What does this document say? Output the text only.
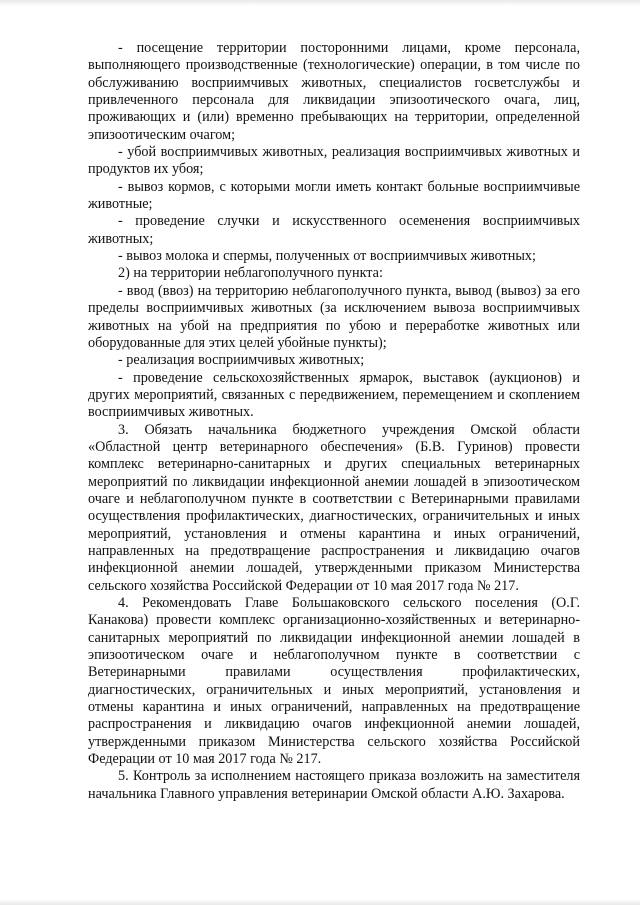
- посещение территории посторонними лицами, кроме персонала, выполняющего производственные (технологические) операции, в том числе по обслуживанию восприимчивых животных, специалистов госветслужбы и привлеченного персонала для ликвидации эпизоотического очага, лиц, проживающих и (или) временно пребывающих на территории, определенной эпизоотическим очагом;

- убой восприимчивых животных, реализация восприимчивых животных и продуктов их убоя;

- вывоз кормов, с которыми могли иметь контакт больные восприимчивые животные;

- проведение случки и искусственного осеменения восприимчивых животных;

- вывоз молока и спермы, полученных от восприимчивых животных;

2) на территории неблагополучного пункта:

- ввод (ввоз) на территорию неблагополучного пункта, вывод (вывоз) за его пределы восприимчивых животных (за исключением вывоза восприимчивых животных на убой на предприятия по убою и переработке животных или оборудованные для этих целей убойные пункты);

- реализация восприимчивых животных;

- проведение сельскохозяйственных ярмарок, выставок (аукционов) и других мероприятий, связанных с передвижением, перемещением и скоплением восприимчивых животных.

3. Обязать начальника бюджетного учреждения Омской области «Областной центр ветеринарного обеспечения» (Б.В. Гуринов) провести комплекс ветеринарно-санитарных и других специальных ветеринарных мероприятий по ликвидации инфекционной анемии лошадей в эпизоотическом очаге и неблагополучном пункте в соответствии с Ветеринарными правилами осуществления профилактических, диагностических, ограничительных и иных мероприятий, установления и отмены карантина и иных ограничений, направленных на предотвращение распространения и ликвидацию очагов инфекционной анемии лошадей, утвержденными приказом Министерства сельского хозяйства Российской Федерации от 10 мая 2017 года № 217.

4. Рекомендовать Главе Большаковского сельского поселения (О.Г. Канакова) провести комплекс организационно-хозяйственных и ветеринарно-санитарных мероприятий по ликвидации инфекционной анемии лошадей в эпизоотическом очаге и неблагополучном пункте в соответствии с Ветеринарными правилами осуществления профилактических, диагностических, ограничительных и иных мероприятий, установления и отмены карантина и иных ограничений, направленных на предотвращение распространения и ликвидацию очагов инфекционной анемии лошадей, утвержденными приказом Министерства сельского хозяйства Российской Федерации от 10 мая 2017 года № 217.

5. Контроль за исполнением настоящего приказа возложить на заместителя начальника Главного управления ветеринарии Омской области А.Ю. Захарова.
